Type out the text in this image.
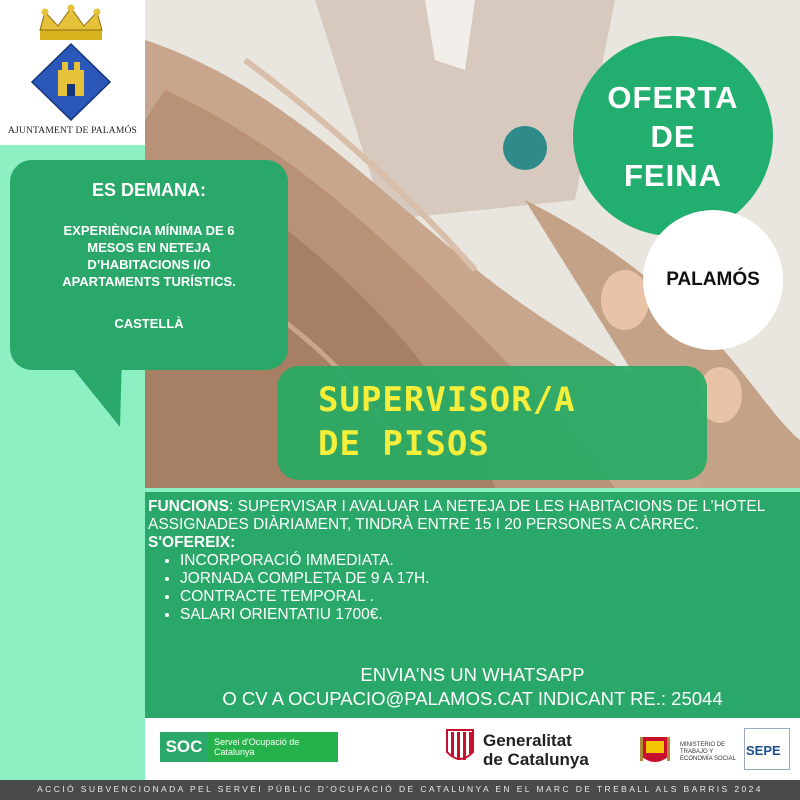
AJUNTAMENT DE PALAMÓS
ES DEMANA:

EXPERIÈNCIA MÍNIMA DE 6

MESOS EN NETEJA

D’HABITACIONS I/O

APARTAMENTS TURÍSTICS.

CASTELLÀ
OFERTA
DE
FEINA
PALAMÓS
SUPERVISOR/A
DE PISOS

FUNCIONS: SUPERVISAR I AVALUAR LA NETEJA DE LES HABITACIONS DE L’HOTEL ASSIGNADES DIÀRIAMENT, TINDRÀ ENTRE 15 I 20 PERSONES A CÀRREC.

S'OFEREIX:

• INCORPORACIÓ IMMEDIATA.
• JORNADA COMPLETA DE 9 A 17H.
• CONTRACTE TEMPORAL .
• SALARI ORIENTATIU 1700€.
ENVIA'NS UN WHATSAPP
O CV A OCUPACIO@PALAMOS.CAT INDICANT RE.: 25044
SOC	Servei d'Ocupació de Catalunya
Generalitat
de Catalunya
MINISTERIO DE TRABAJO Y ECONOMÍA SOCIAL
SEPE
ACCIÓ SUBVENCIONADA PEL SERVEI PÚBLIC D'OCUPACIÓ DE CATALUNYA EN EL MARC DE TREBALL ALS BARRIS 2024
